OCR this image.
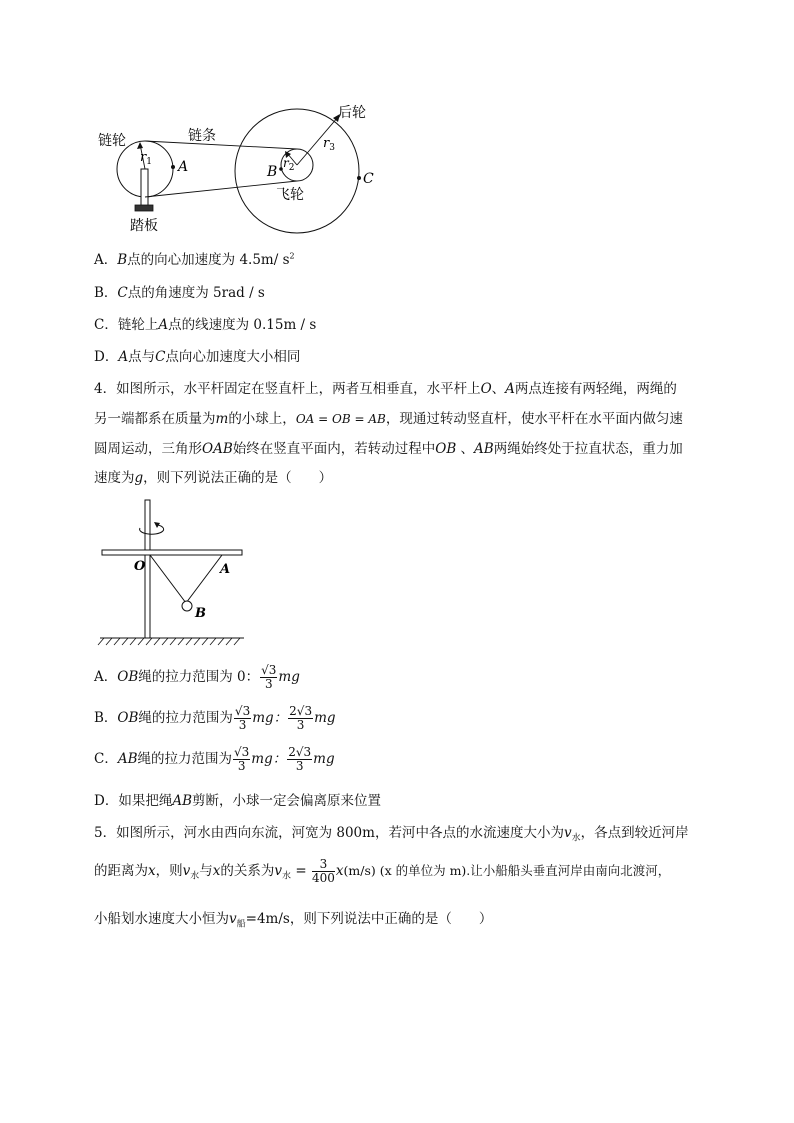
链轮	链条
后轮
飞轮
踏板
$r_1$	$r_2$
$r_3$
A	B	C
A．B点的向心加速度为 4.5m/ $s^2$
B．C点的角速度为 5rad / s
C．链轮上A点的线速度为 0.15m / s
D．A点与C点向心加速度大小相同
4．如图所示，水平杆固定在竖直杆上，两者互相垂直，水平杆上O、A两点连接有两轻绳，两绳的
另一端都系在质量为m的小球上，OA = OB = AB，现通过转动竖直杆，使水平杆在水平面内做匀速
圆周运动，三角形OAB始终在竖直平面内，若转动过程中OB 、AB两绳始终处于拉直状态，重力加
速度为g，则下列说法正确的是（　　）
O	A
B
A．OB绳的拉力范围为 0： $\frac{√3}{3}$ mg
B．OB绳的拉力范围为 $\frac{√3}{3}$ mg： $\frac{2√3}{3}$ mg
C．AB绳的拉力范围为 $\frac{√3}{3}$ mg： $\frac{2√3}{3}$ mg
D．如果把绳AB剪断，小球一定会偏离原来位置
5．如图所示，河水由西向东流，河宽为 800m，若河中各点的水流速度大小为$v_水$，各点到较近河岸
的距离为x，则$v_水$与x的关系为$v_水 = \frac{3}{400} x(m/s)$ (x 的单位为 m).让小船船头垂直河岸由南向北渡河，
小船划水速度大小恒为$v_船=4m/s$，则下列说法中正确的是（　　）
